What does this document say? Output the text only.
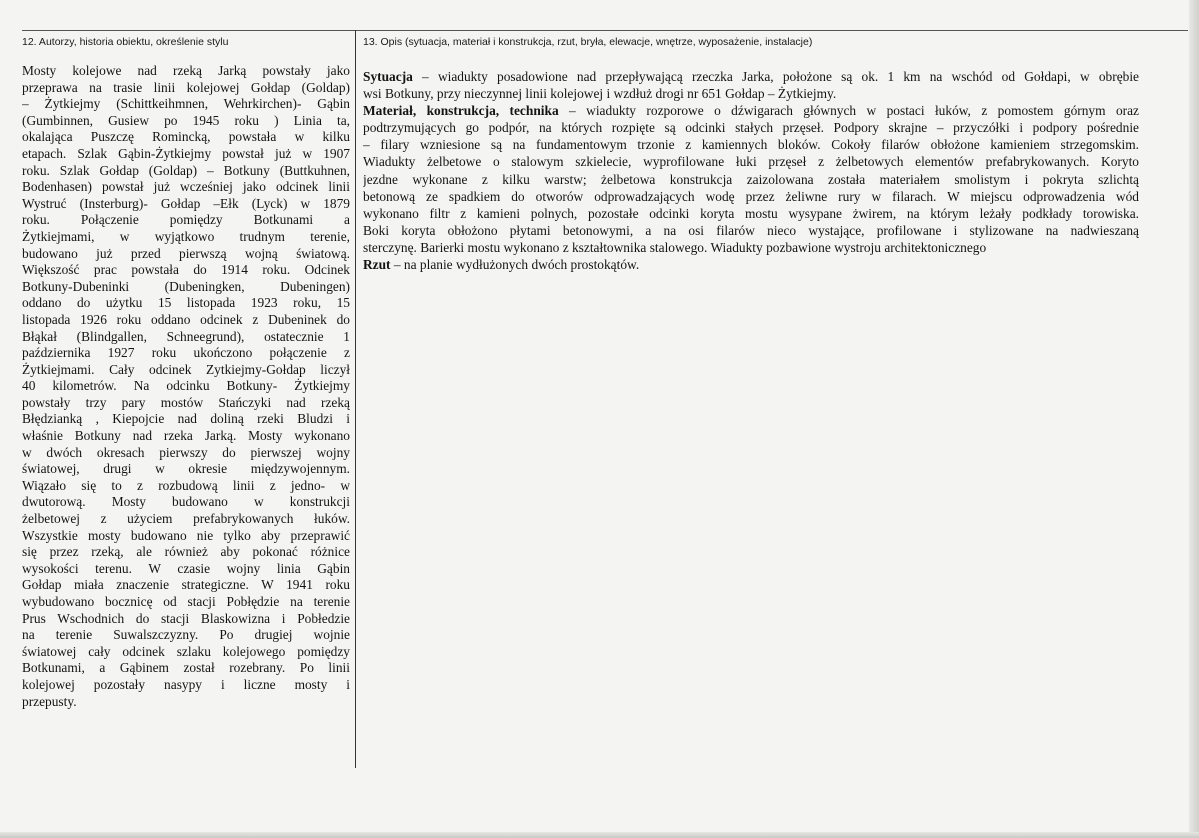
12. Autorzy, historia obiektu, określenie stylu	13. Opis (sytuacja, materiał i konstrukcja, rzut, bryła, elewacje, wnętrze, wyposażenie, instalacje)
Mosty kolejowe nad rzeką Jarką powstały jako
przeprawa na trasie linii kolejowej Gołdap (Goldap)
– Żytkiejmy (Schittkeihmnen, Wehrkirchen)- Gąbin
(Gumbinnen, Gusiew po 1945 roku ) Linia ta,
okalająca Puszczę Romincką, powstała w kilku
etapach. Szlak Gąbin-Żytkiejmy powstał już w 1907
roku. Szlak Gołdap (Goldap) – Botkuny (Buttkuhnen,
Bodenhasen) powstał już wcześniej jako odcinek linii
Wystruć (Insterburg)- Gołdap –Ełk (Lyck) w 1879
roku. Połączenie pomiędzy Botkunami a
Żytkiejmami, w wyjątkowo trudnym terenie,
budowano już przed pierwszą wojną światową.
Większość prac powstała do 1914 roku. Odcinek
Botkuny-Dubeninki (Dubeningken, Dubeningen)
oddano do użytku 15 listopada 1923 roku, 15
listopada 1926 roku oddano odcinek z Dubeninek do
Błąkał (Blindgallen, Schneegrund), ostatecznie 1
października 1927 roku ukończono połączenie z
Żytkiejmami. Cały odcinek Zytkiejmy-Gołdap liczył
40 kilometrów. Na odcinku Botkuny- Żytkiejmy
powstały trzy pary mostów Stańczyki nad rzeką
Błędzianką , Kiepojcie nad doliną rzeki Bludzi i
właśnie Botkuny nad rzeka Jarką. Mosty wykonano
w dwóch okresach pierwszy do pierwszej wojny
światowej, drugi w okresie międzywojennym.
Wiązało się to z rozbudową linii z jedno- w
dwutorową. Mosty budowano w konstrukcji
żelbetowej z użyciem prefabrykowanych łuków.
Wszystkie mosty budowano nie tylko aby przeprawić
się przez rzeką, ale również aby pokonać różnice
wysokości terenu. W czasie wojny linia Gąbin
Gołdap miała znaczenie strategiczne. W 1941 roku
wybudowano bocznicę od stacji Pobłędzie na terenie
Prus Wschodnich do stacji Blaskowizna i Pobłedzie
na terenie Suwalszczyzny. Po drugiej wojnie
światowej cały odcinek szlaku kolejowego pomiędzy
Botkunami, a Gąbinem został rozebrany. Po linii
kolejowej pozostały nasypy i liczne mosty i
przepusty.
Sytuacja – wiadukty posadowione nad przepływającą rzeczka Jarka, położone są ok. 1 km na wschód od Gołdapi, w obrębie
wsi Botkuny, przy nieczynnej linii kolejowej i wzdłuż drogi nr 651 Gołdap – Żytkiejmy.
Materiał, konstrukcja, technika – wiadukty rozporowe o dźwigarach głównych w postaci łuków, z pomostem górnym oraz
podtrzymujących go podpór, na których rozpięte są odcinki stałych przęseł. Podpory skrajne – przyczółki i podpory pośrednie
– filary wzniesione są na fundamentowym trzonie z kamiennych bloków. Cokoły filarów obłożone kamieniem strzegomskim.
Wiadukty żelbetowe o stalowym szkielecie, wyprofilowane łuki przęseł z żelbetowych elementów prefabrykowanych. Koryto
jezdne wykonane z kilku warstw; żelbetowa konstrukcja zaizolowana została materiałem smolistym i pokryta szlichtą
betonową ze spadkiem do otworów odprowadzających wodę przez żeliwne rury w filarach. W miejscu odprowadzenia wód
wykonano filtr z kamieni polnych, pozostałe odcinki koryta mostu wysypane żwirem, na którym leżały podkłady torowiska.
Boki koryta obłożono płytami betonowymi, a na osi filarów nieco wystające, profilowane i stylizowane na nadwieszaną
sterczynę. Barierki mostu wykonano z kształtownika stalowego. Wiadukty pozbawione wystroju architektonicznego
Rzut – na planie wydłużonych dwóch prostokątów.
